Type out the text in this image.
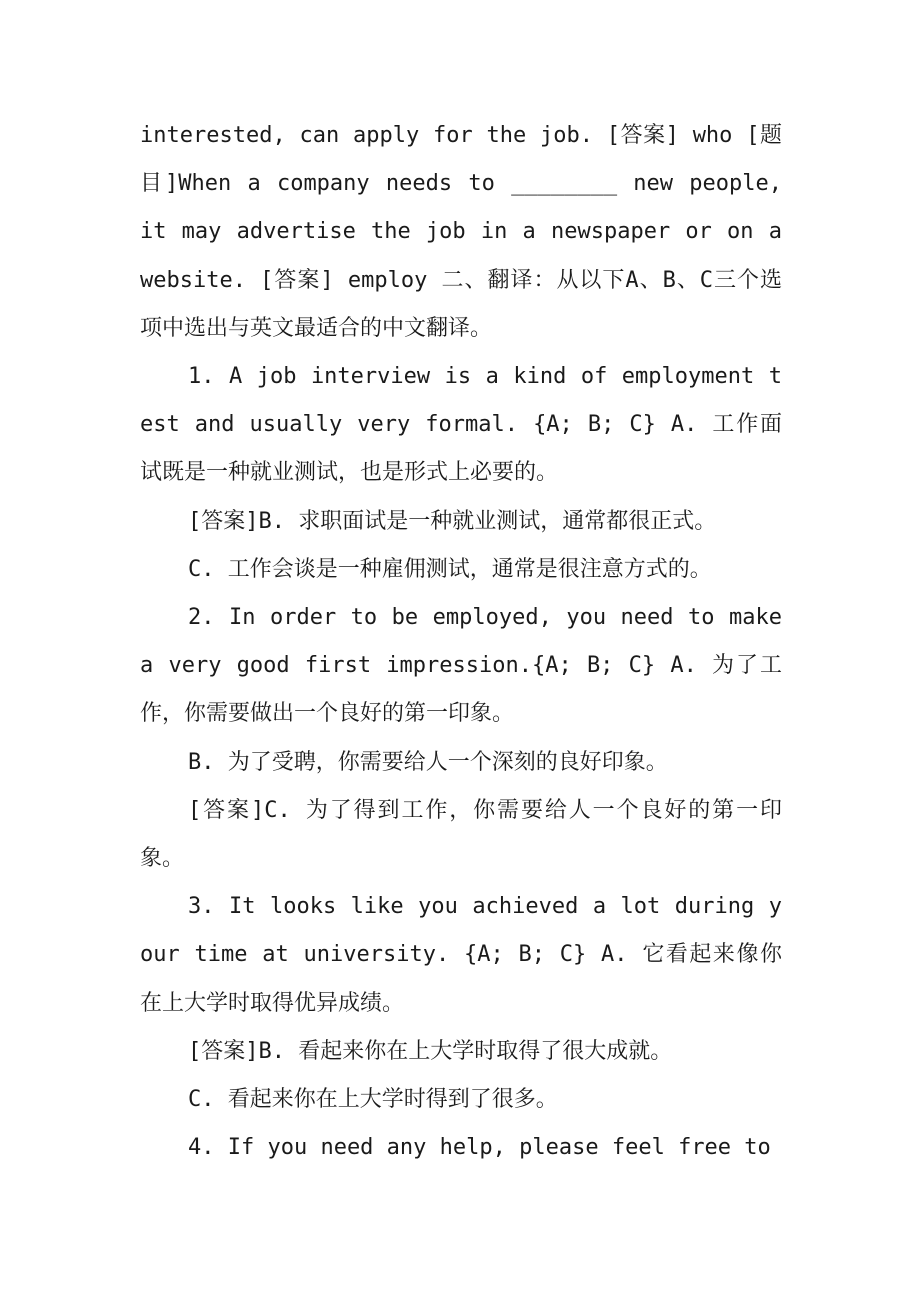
interested, can apply for the job. [答案] who [题目]When a company needs to ________ new people, it may advertise the job in a newspaper or on a website. [答案] employ 二、翻译：从以下A、B、C三个选项中选出与英文最适合的中文翻译。

1. A job interview is a kind of employment test and usually very formal. {A; B; C} A. 工作面试既是一种就业测试，也是形式上必要的。

[答案]B. 求职面试是一种就业测试，通常都很正式。

C. 工作会谈是一种雇佣测试，通常是很注意方式的。

2. In order to be employed, you need to make a very good first impression.{A; B; C} A. 为了工作，你需要做出一个良好的第一印象。

B. 为了受聘，你需要给人一个深刻的良好印象。

[答案]C. 为了得到工作，你需要给人一个良好的第一印象。

3. It looks like you achieved a lot during your time at university. {A; B; C} A. 它看起来像你在上大学时取得优异成绩。

[答案]B. 看起来你在上大学时取得了很大成就。

C. 看起来你在上大学时得到了很多。

4. If you need any help, please feel free to
